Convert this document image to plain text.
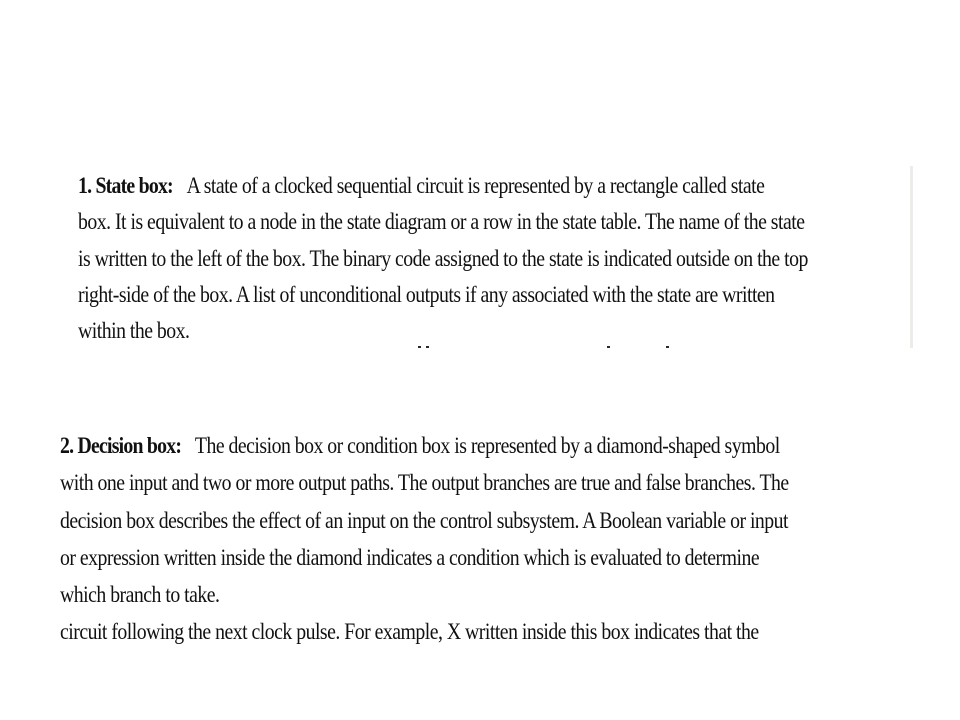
1. State box: A state of a clocked sequential circuit is represented by a rectangle called state
box. It is equivalent to a node in the state diagram or a row in the state table. The name of the state
is written to the left of the box. The binary code assigned to the state is indicated outside on the top
right-side of the box. A list of unconditional outputs if any associated with the state are written
within the box.

2. Decision box: The decision box or condition box is represented by a diamond-shaped symbol
with one input and two or more output paths. The output branches are true and false branches. The
decision box describes the effect of an input on the control subsystem. A Boolean variable or input
or expression written inside the diamond indicates a condition which is evaluated to determine
which branch to take.
circuit following the next clock pulse. For example, X written inside this box indicates that the
